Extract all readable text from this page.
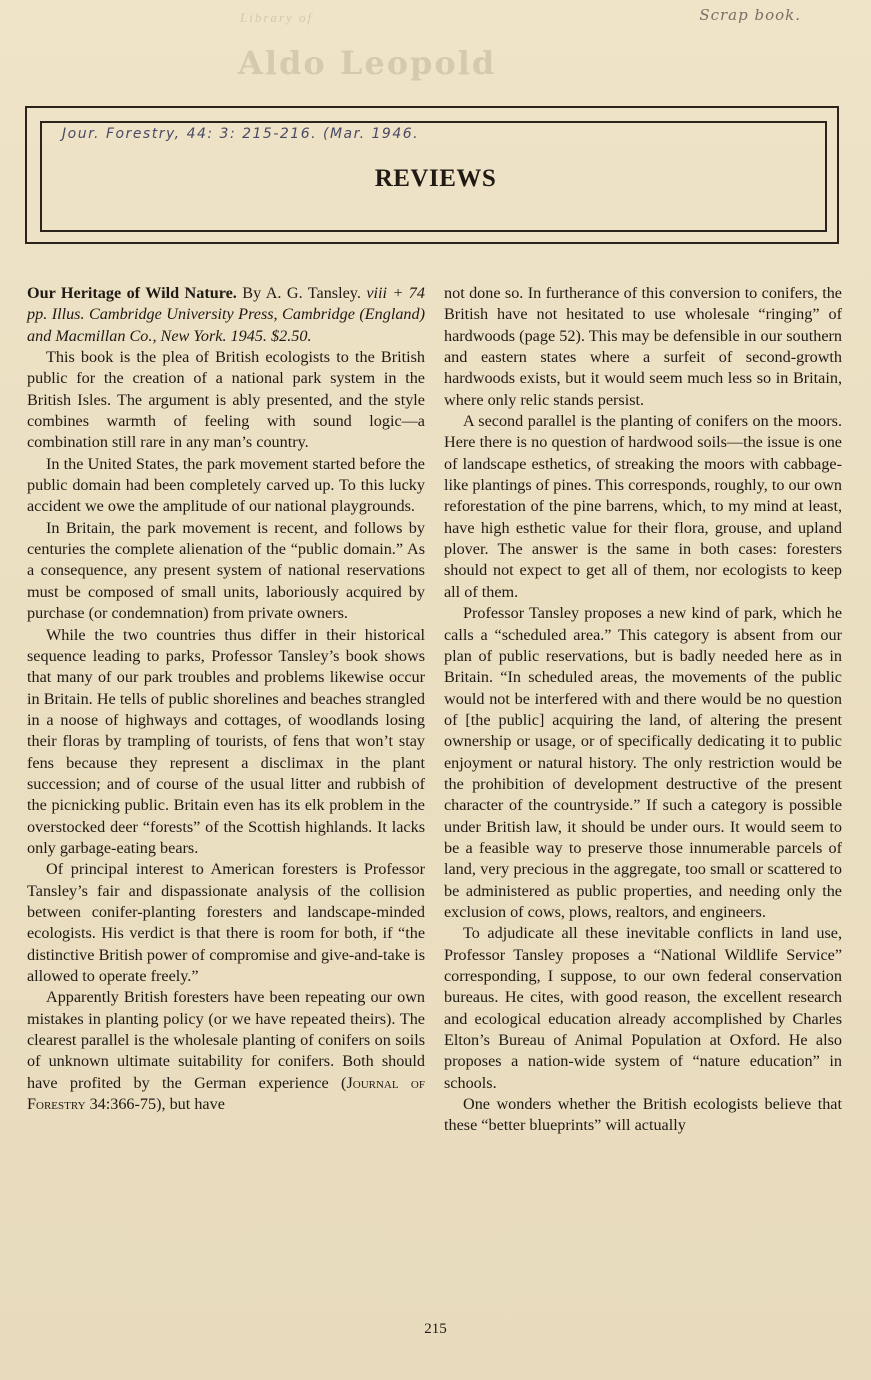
Scrap book.
Library of
Aldo Leopold
Jour. Forestry, 44: 3: 215-216. (Mar. 1946.
REVIEWS

Our Heritage of Wild Nature. By A. G. Tansley. viii + 74 pp. Illus. Cambridge University Press, Cambridge (England) and Macmillan Co., New York. 1945. $2.50.

This book is the plea of British ecologists to the British public for the creation of a national park system in the British Isles. The argument is ably presented, and the style combines warmth of feeling with sound logic—a combination still rare in any man’s country.

In the United States, the park movement started before the public domain had been completely carved up. To this lucky accident we owe the amplitude of our national playgrounds.

In Britain, the park movement is recent, and follows by centuries the complete alienation of the “public domain.” As a consequence, any present system of national reservations must be composed of small units, laboriously acquired by purchase (or condemnation) from private owners.

While the two countries thus differ in their historical sequence leading to parks, Professor Tansley’s book shows that many of our park troubles and problems likewise occur in Britain. He tells of public shorelines and beaches strangled in a noose of highways and cottages, of woodlands losing their floras by trampling of tourists, of fens that won’t stay fens because they represent a disclimax in the plant succession; and of course of the usual litter and rubbish of the picnicking public. Britain even has its elk problem in the overstocked deer “forests” of the Scottish highlands. It lacks only garbage-eating bears.

Of principal interest to American foresters is Professor Tansley’s fair and dispassionate analysis of the collision between conifer-planting foresters and landscape-minded ecologists. His verdict is that there is room for both, if “the distinctive British power of compromise and give-and-take is allowed to operate freely.”

Apparently British foresters have been repeating our own mistakes in planting policy (or we have repeated theirs). The clearest parallel is the wholesale planting of conifers on soils of unknown ultimate suitability for conifers. Both should have profited by the German experience (Journal of Forestry 34:366-75), but have

not done so. In furtherance of this conversion to conifers, the British have not hesitated to use wholesale “ringing” of hardwoods (page 52). This may be defensible in our southern and eastern states where a surfeit of second-growth hardwoods exists, but it would seem much less so in Britain, where only relic stands persist.

A second parallel is the planting of conifers on the moors. Here there is no question of hardwood soils—the issue is one of landscape esthetics, of streaking the moors with cabbage-like plantings of pines. This corresponds, roughly, to our own reforestation of the pine barrens, which, to my mind at least, have high esthetic value for their flora, grouse, and upland plover. The answer is the same in both cases: foresters should not expect to get all of them, nor ecologists to keep all of them.

Professor Tansley proposes a new kind of park, which he calls a “scheduled area.” This category is absent from our plan of public reservations, but is badly needed here as in Britain. “In scheduled areas, the movements of the public would not be interfered with and there would be no question of [the public] acquiring the land, of altering the present ownership or usage, or of specifically dedicating it to public enjoyment or natural history. The only restriction would be the prohibition of development destructive of the present character of the countryside.” If such a category is possible under British law, it should be under ours. It would seem to be a feasible way to preserve those innumerable parcels of land, very precious in the aggregate, too small or scattered to be administered as public properties, and needing only the exclusion of cows, plows, realtors, and engineers.

To adjudicate all these inevitable conflicts in land use, Professor Tansley proposes a “National Wildlife Service” corresponding, I suppose, to our own federal conservation bureaus. He cites, with good reason, the excellent research and ecological education already accomplished by Charles Elton’s Bureau of Animal Population at Oxford. He also proposes a nation-wide system of “nature education” in schools.

One wonders whether the British ecologists believe that these “better blueprints” will actually

215
